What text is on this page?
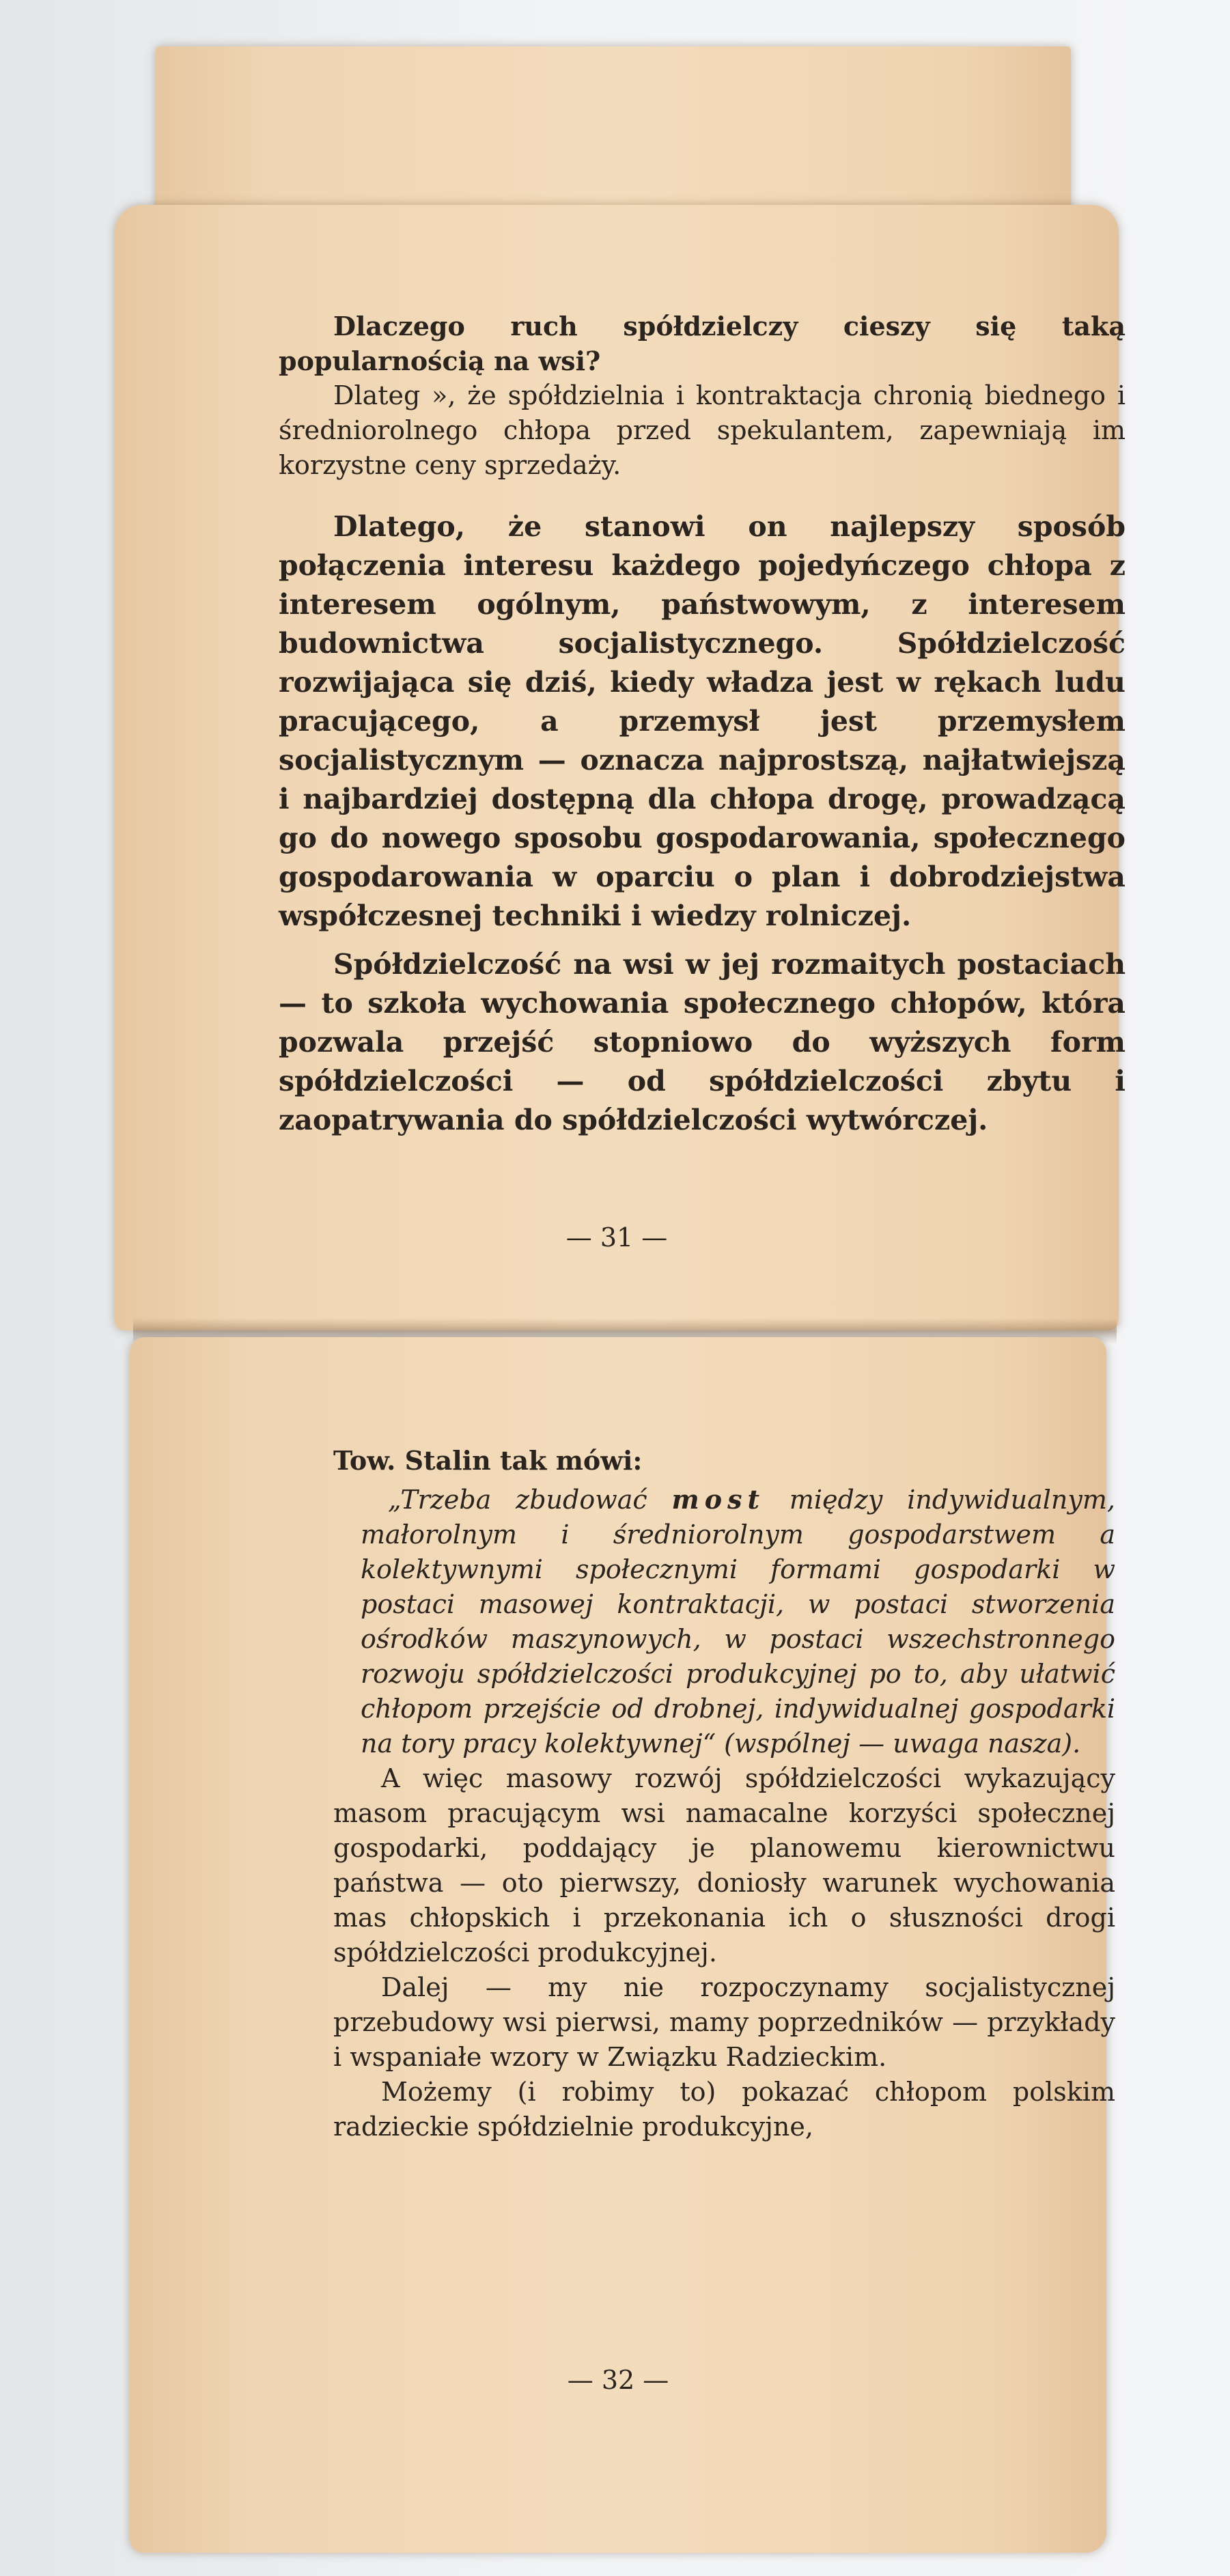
Dlaczego ruch spółdzielczy cieszy się taką popularnością na wsi?

Dlateg », że spółdzielnia i kontraktacja chronią biednego i średniorolnego chłopa przed spekulantem, zapewniają im korzystne ceny sprzedaży.

Dlatego, że stanowi on najlepszy sposób połączenia interesu każdego pojedyńczego chłopa z interesem ogólnym, państwowym, z interesem budownictwa socjalistycznego. Spółdzielczość rozwijająca się dziś, kiedy władza jest w rękach ludu pracującego, a przemysł jest przemysłem socjalistycznym — oznacza najprostszą, najłatwiejszą i najbardziej dostępną dla chłopa drogę, prowadzącą go do nowego sposobu gospodarowania, społecznego gospodarowania w oparciu o plan i dobrodziejstwa współczesnej techniki i wiedzy rolniczej.

Spółdzielczość na wsi w jej rozmaitych postaciach — to szkoła wychowania społecznego chłopów, która pozwala przejść stopniowo do wyższych form spółdzielczości — od spółdzielczości zbytu i zaopatrywania do spółdzielczości wytwórczej.

— 31 —

Tow. Stalin tak mówi:

„Trzeba zbudować most między indywidualnym, małorolnym i średniorolnym gospodarstwem a kolektywnymi społecznymi formami gospodarki w postaci masowej kontraktacji, w postaci stworzenia ośrodków maszynowych, w postaci wszechstronnego rozwoju spółdzielczości produkcyjnej po to, aby ułatwić chłopom przejście od drobnej, indywidualnej gospodarki na tory pracy kolektywnej“ (wspólnej — uwaga nasza).

A więc masowy rozwój spółdzielczości wykazujący masom pracującym wsi namacalne korzyści społecznej gospodarki, poddający je planowemu kierownictwu państwa — oto pierwszy, doniosły warunek wychowania mas chłopskich i przekonania ich o słuszności drogi spółdzielczości produkcyjnej.

Dalej — my nie rozpoczynamy socjalistycznej przebudowy wsi pierwsi, mamy poprzedników — przykłady i wspaniałe wzory w Związku Radzieckim.

Możemy (i robimy to) pokazać chłopom polskim radzieckie spółdzielnie produkcyjne,

— 32 —
